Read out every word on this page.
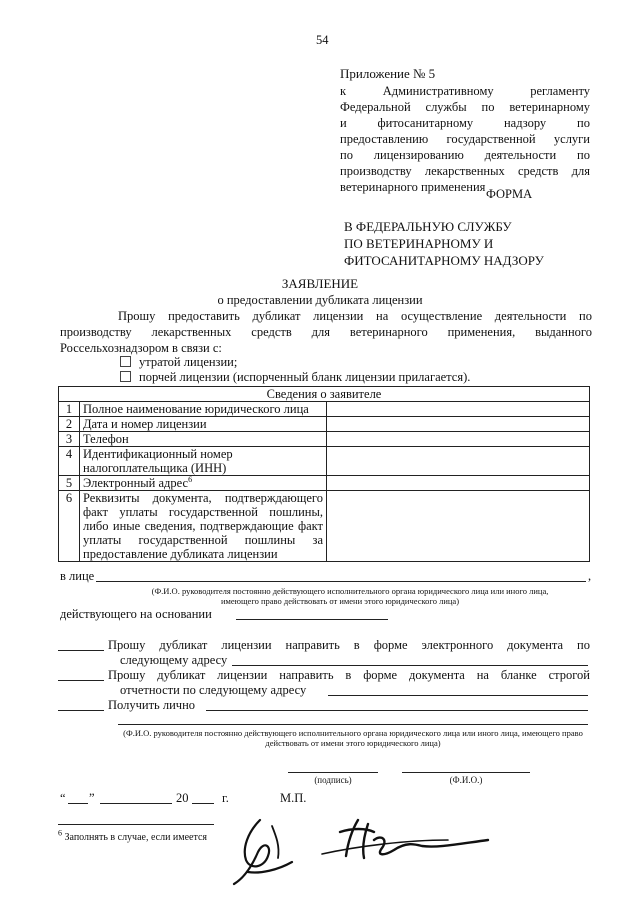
54
Приложение № 5
к Административному регламенту
Федеральной службы по ветеринарному
и фитосанитарному надзору по
предоставлению государственной услуги
по лицензированию деятельности по
производству лекарственных средств для
ветеринарного применения ФОРМА
В ФЕДЕРАЛЬНУЮ СЛУЖБУ
ПО ВЕТЕРИНАРНОМУ И
ФИТОСАНИТАРНОМУ НАДЗОРУ
ЗАЯВЛЕНИЕ
о предоставлении дубликата лицензии
Прошу предоставить дубликат лицензии на осуществление деятельности по
производству лекарственных средств для ветеринарного применения, выданного
Россельхознадзором в связи с:
утратой лицензии;
порчей лицензии (испорченный бланк лицензии прилагается).
Сведения о заявителе		
1	Полное наименование юридического лица	
2	Дата и номер лицензии	
3	Телефон	
4	Идентификационный номер налогоплательщика (ИНН)	
5	Электронный адрес$^6$	
6	Реквизиты документа, подтверждающего факт уплаты государственной пошлины, либо иные сведения, подтверждающие факт уплаты государственной пошлины за предоставление дубликата лицензии	
в лице	,
(Ф.И.О. руководителя постоянно действующего исполнительного органа юридического лица или иного лица,
имеющего право действовать от имени этого юридического лица)
действующего на основании
Прошу дубликат лицензии направить в форме электронного документа по
следующему адресу
Прошу дубликат лицензии направить в форме документа на бланке строгой
отчетности по следующему адресу
Получить лично
(Ф.И.О. руководителя постоянно действующего исполнительного органа юридического лица или иного лица, имеющего право
действовать от имени этого юридического лица)
(подпись)	(Ф.И.О.)
“ ”	20	г.	М.П.
$^6$ Заполнять в случае, если имеется
